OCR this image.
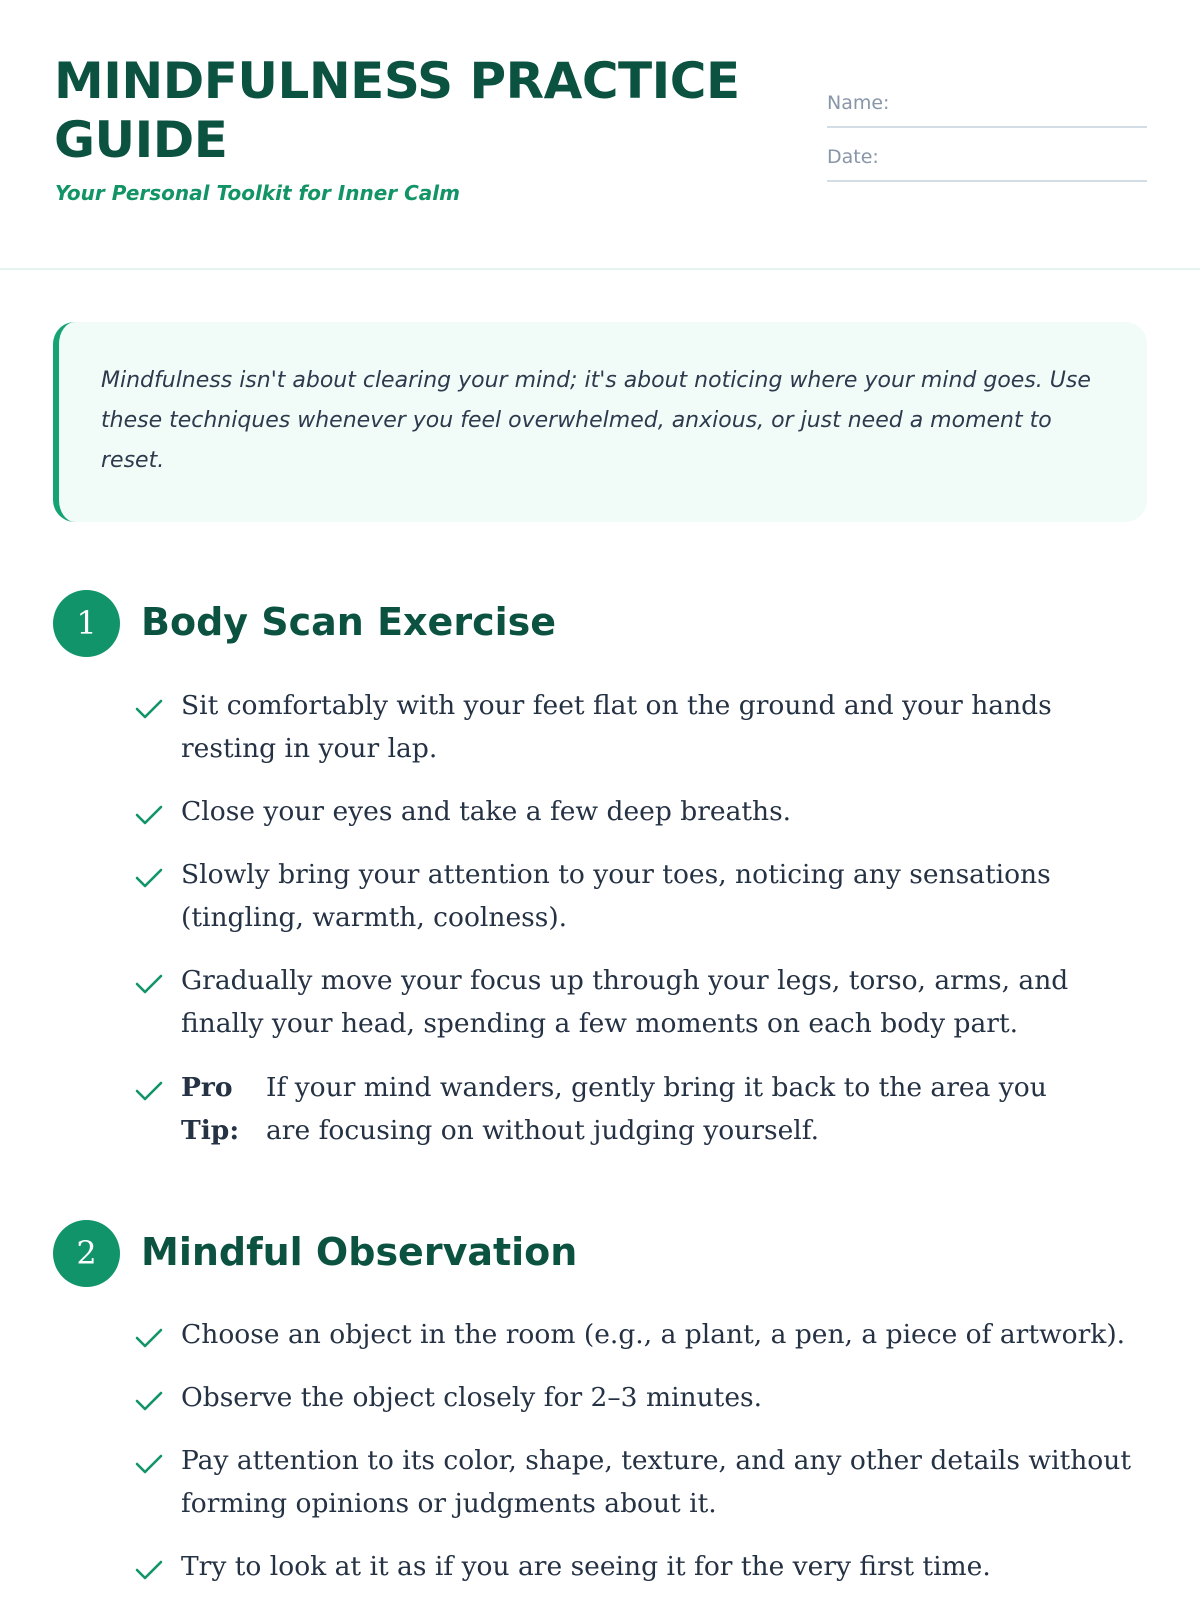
MINDFULNESS PRACTICE GUIDE
Your Personal Toolkit for Inner Calm
Name:
Date:

Mindfulness isn't about clearing your mind; it's about noticing where your mind goes. Use these techniques whenever you feel overwhelmed, anxious, or just need a moment to reset.

1	Body Scan Exercise
Sit comfortably with your feet flat on the ground and your hands resting in your lap.
Close your eyes and take a few deep breaths.
Slowly bring your attention to your toes, noticing any sensations (tingling, warmth, coolness).
Gradually move your focus up through your legs, torso, arms, and finally your head, spending a few moments on each body part.
Pro Tip:
If your mind wanders, gently bring it back to the area you are focusing on without judging yourself.
2	Mindful Observation
Choose an object in the room (e.g., a plant, a pen, a piece of artwork).
Observe the object closely for 2–3 minutes.
Pay attention to its color, shape, texture, and any other details without forming opinions or judgments about it.
Try to look at it as if you are seeing it for the very first time.
